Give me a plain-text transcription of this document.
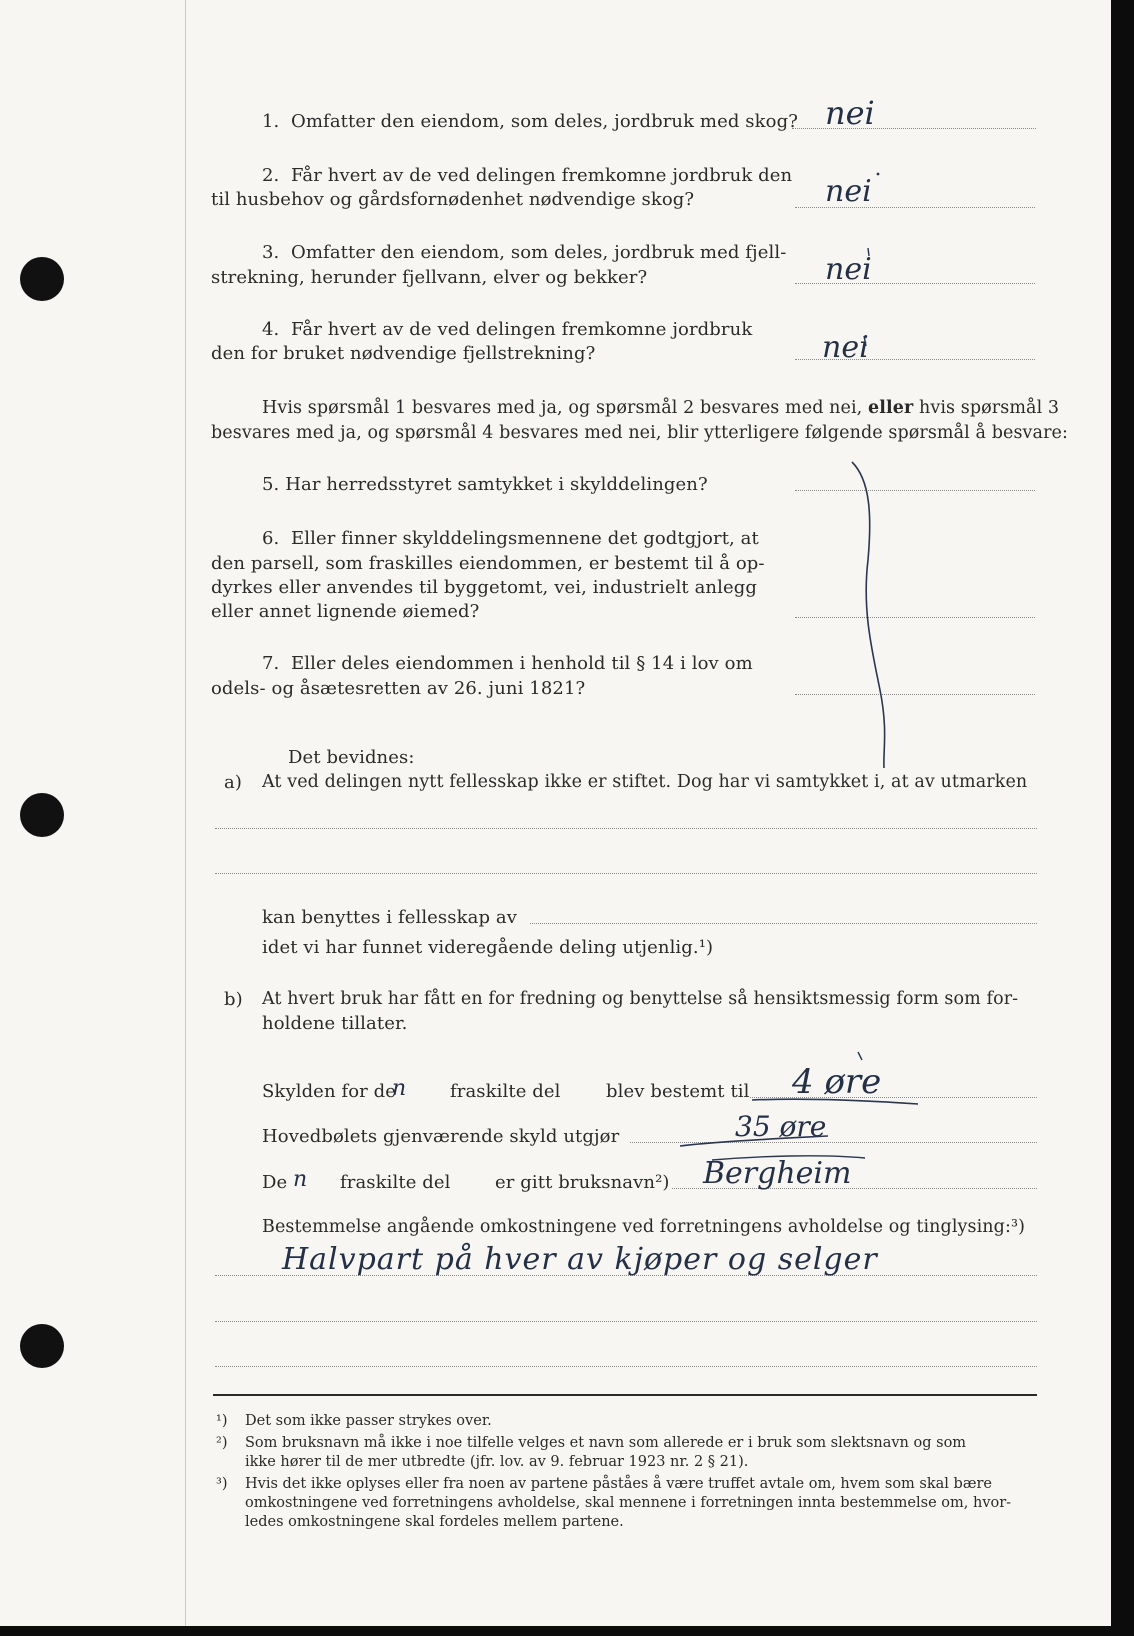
1. Omfatter den eiendom, som deles, jordbruk med skog? nei
2. Får hvert av de ved delingen fremkomne jordbruk den
til husbehov og gårdsfornødenhet nødvendige skog?	nei
3. Omfatter den eiendom, som deles, jordbruk med fjell-
strekning, herunder fjellvann, elver og bekker?	nei
4. Får hvert av de ved delingen fremkomne jordbruk
den for bruket nødvendige fjellstrekning?	nei
Hvis spørsmål 1 besvares med ja, og spørsmål 2 besvares med nei, eller hvis spørsmål 3
besvares med ja, og spørsmål 4 besvares med nei, blir ytterligere følgende spørsmål å besvare:
5. Har herredsstyret samtykket i skylddelingen?
6. Eller finner skylddelingsmennene det godtgjort, at
den parsell, som fraskilles eiendommen, er bestemt til å op-
dyrkes eller anvendes til byggetomt, vei, industrielt anlegg
eller annet lignende øiemed?
7. Eller deles eiendommen i henhold til § 14 i lov om
odels- og åsætesretten av 26. juni 1821?
Det bevidnes:
a) At ved delingen nytt fellesskap ikke er stiftet. Dog har vi samtykket i, at av utmarken
kan benyttes i fellesskap av
idet vi har funnet videregående deling utjenlig.¹)
b) At hvert bruk har fått en for fredning og benyttelse så hensiktsmessig form som for-
holdene tillater.
Skylden for de
n fraskilte del	blev bestemt til 4 øre
Hovedbølets gjenværende skyld utgjør	35 øre
De n fraskilte del er gitt bruksnavn²) Bergheim
Bestemmelse angående omkostningene ved forretningens avholdelse og tinglysing:³)
Halvpart på hver av kjøper og selger
¹) Det som ikke passer strykes over.
²) Som bruksnavn må ikke i noe tilfelle velges et navn som allerede er i bruk som slektsnavn og som
ikke hører til de mer utbredte (jfr. lov. av 9. februar 1923 nr. 2 § 21).
³) Hvis det ikke oplyses eller fra noen av partene påståes å være truffet avtale om, hvem som skal bære
omkostningene ved forretningens avholdelse, skal mennene i forretningen innta bestemmelse om, hvor-
ledes omkostningene skal fordeles mellem partene.
